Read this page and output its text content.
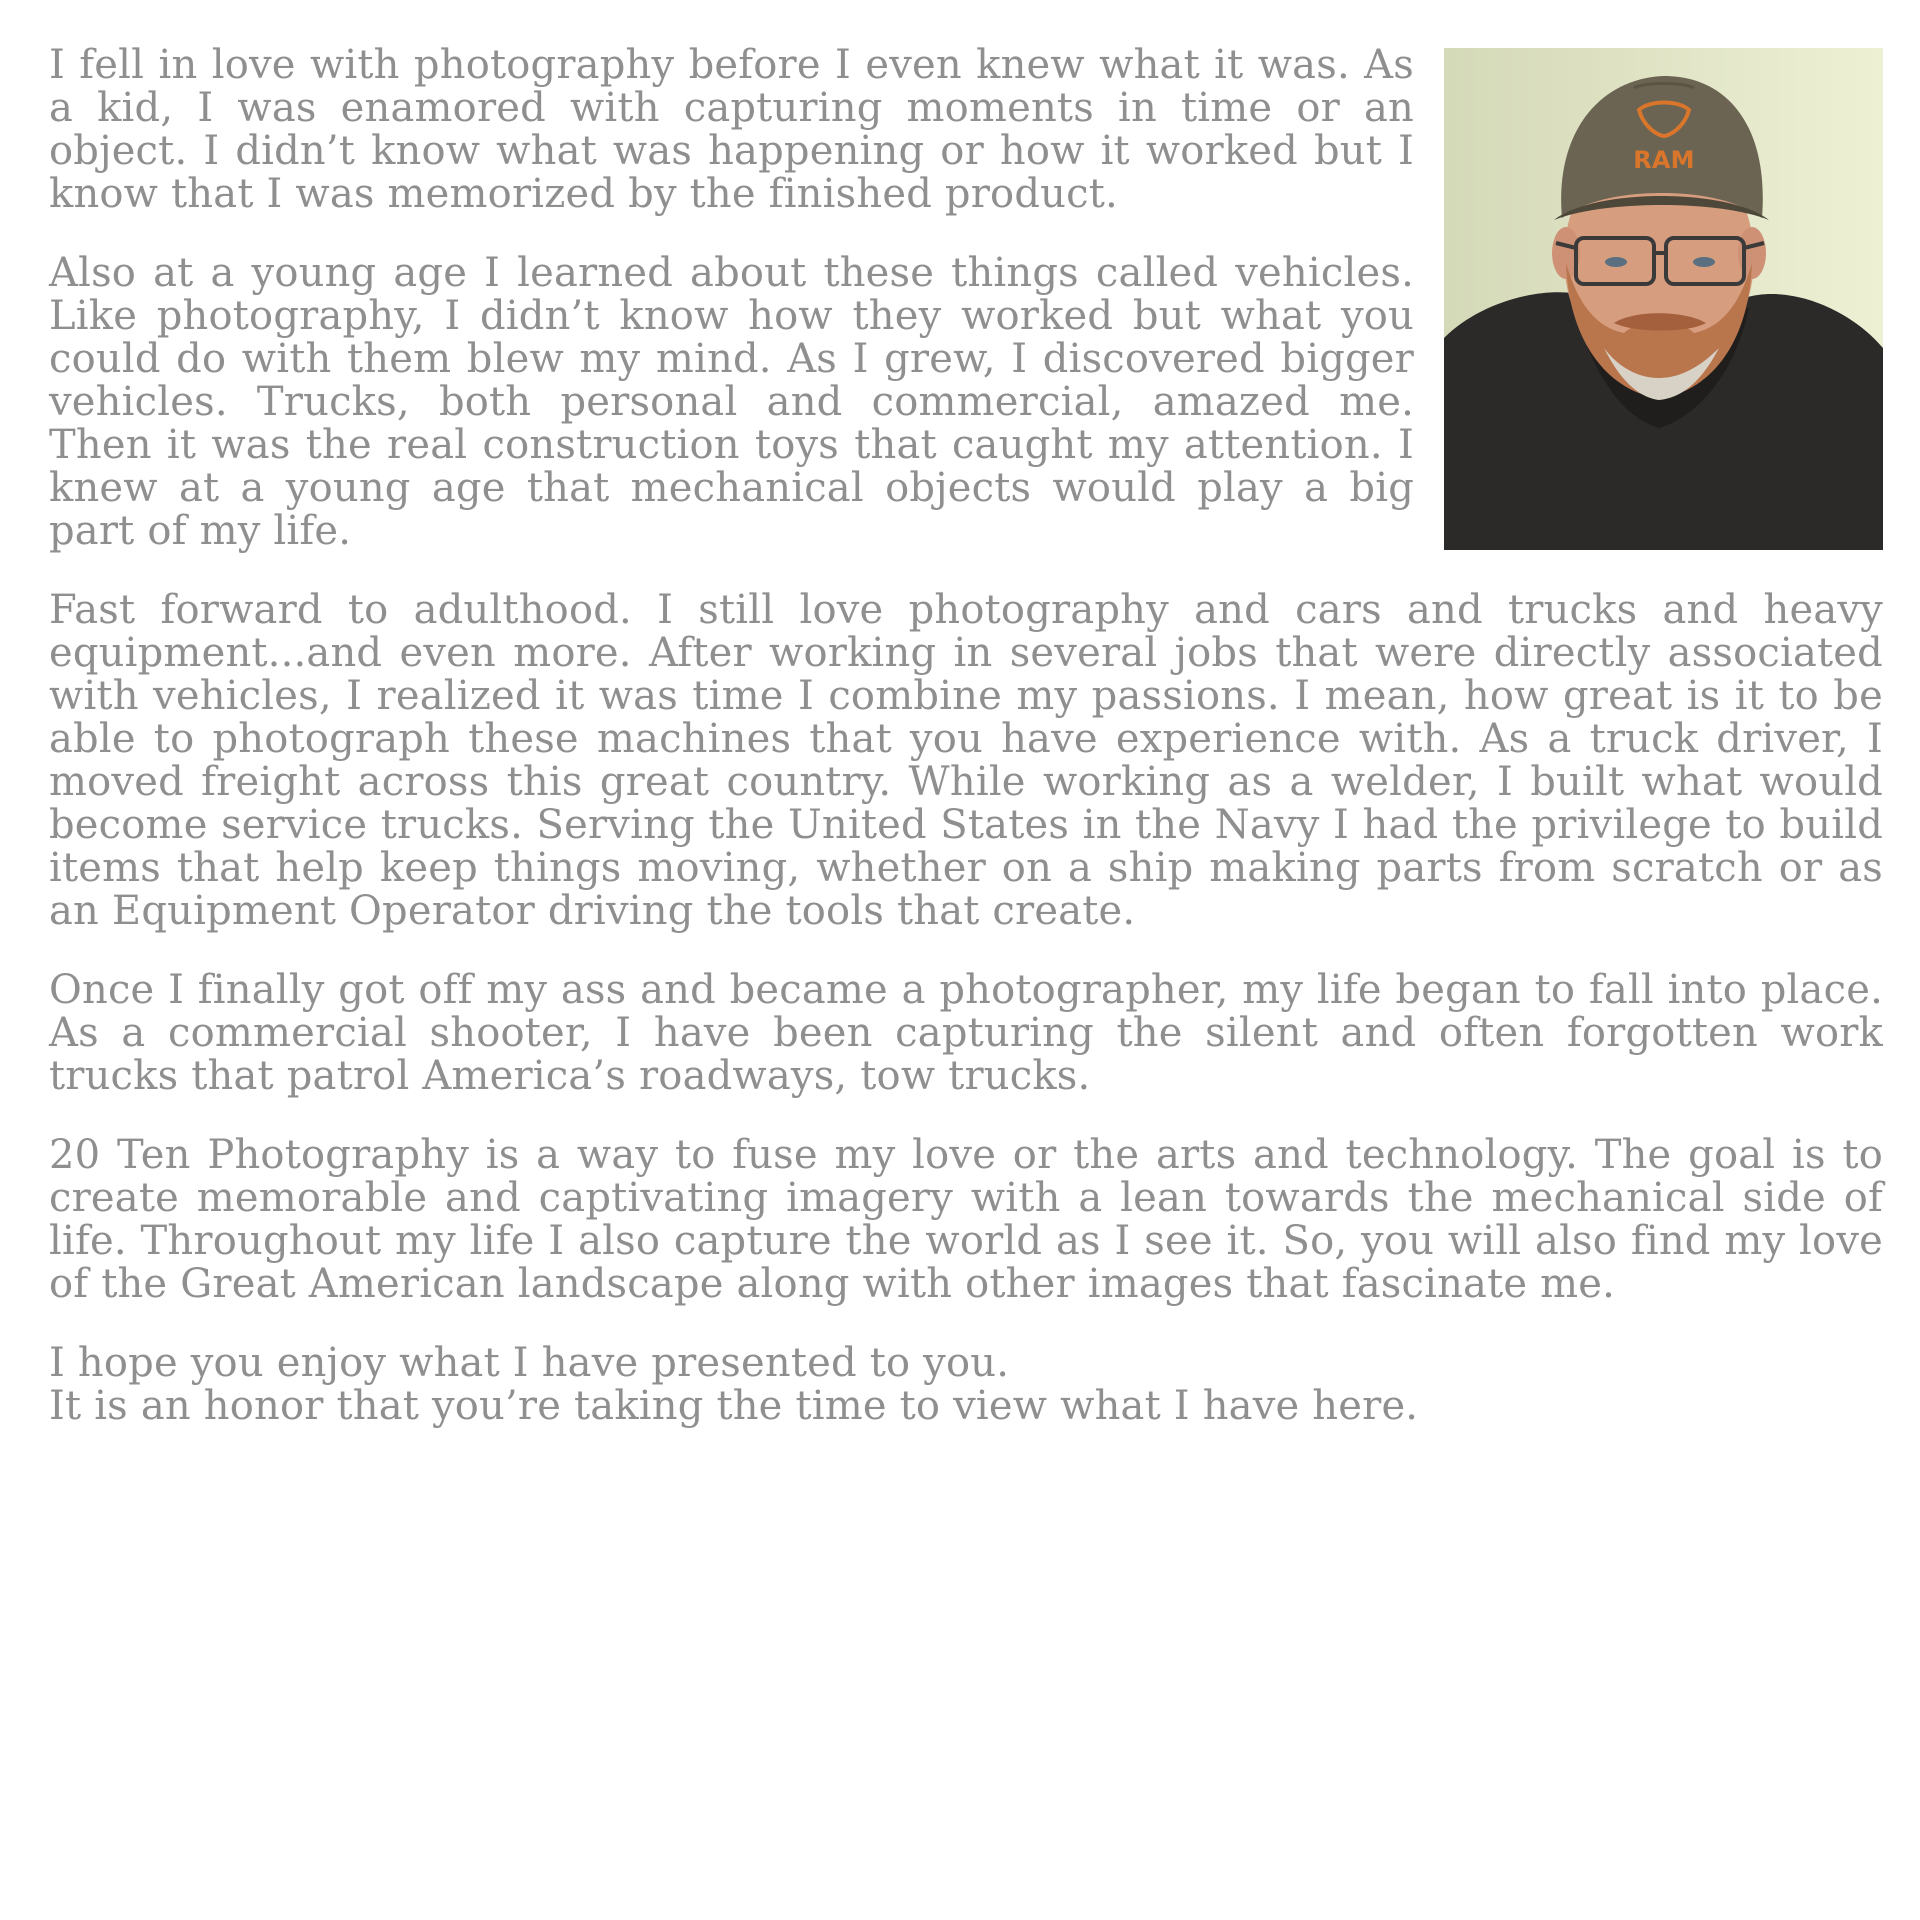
RAM

I fell in love with photography before I even knew what it was. As a kid, I was enamored with capturing moments in time or an object. I didn’t know what was happening or how it worked but I know that I was memorized by the finished product.

Also at a young age I learned about these things called vehicles. Like photography, I didn’t know how they worked but what you could do with them blew my mind. As I grew, I discovered bigger vehicles. Trucks, both personal and commercial, amazed me. Then it was the real construction toys that caught my attention. I knew at a young age that mechanical objects would play a big part of my life.

Fast forward to adulthood. I still love photography and cars and trucks and heavy equipment...and even more. After working in several jobs that were directly associated with vehicles, I realized it was time I combine my passions. I mean, how great is it to be able to photograph these machines that you have experience with. As a truck driver, I moved freight across this great country. While working as a welder, I built what would become service trucks. Serving the United States in the Navy I had the privilege to build items that help keep things moving, whether on a ship making parts from scratch or as an Equipment Operator driving the tools that create.

Once I finally got off my ass and became a photographer, my life began to fall into place. As a commercial shooter, I have been capturing the silent and often forgotten work trucks that patrol America’s roadways, tow trucks.

20 Ten Photography is a way to fuse my love or the arts and technology. The goal is to create memorable and captivating imagery with a lean towards the mechanical side of life. Throughout my life I also capture the world as I see it. So, you will also find my love of the Great American landscape along with other images that fascinate me.

I hope you enjoy what I have presented to you.
It is an honor that you’re taking the time to view what I have here.
